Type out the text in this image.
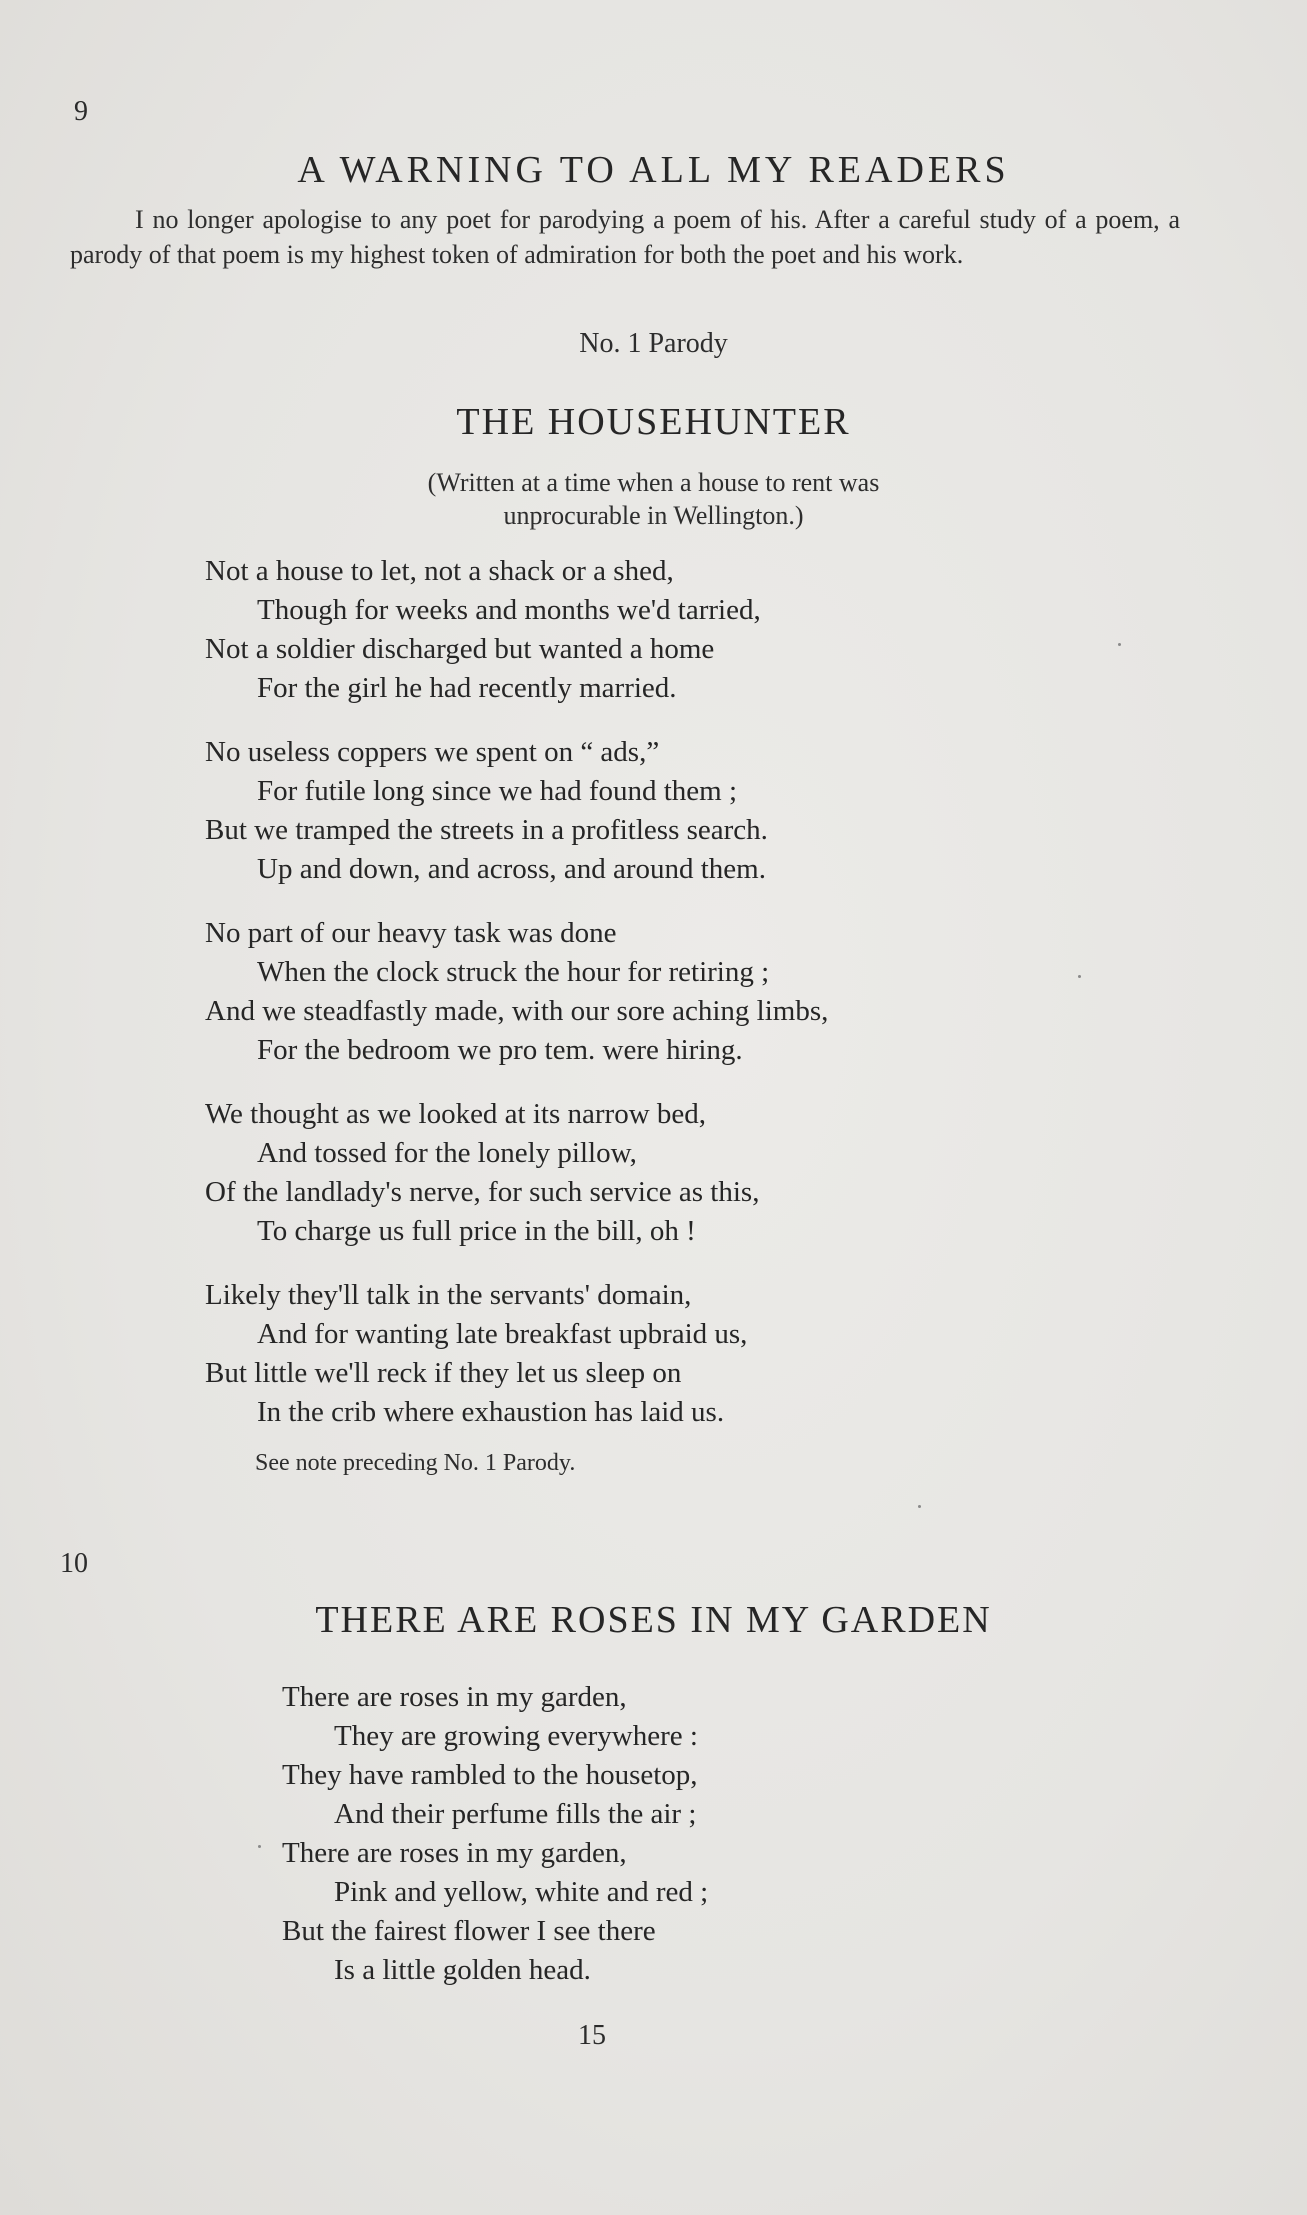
9
A WARNING TO ALL MY READERS
I no longer apologise to any poet for parodying a poem of his. After a careful study of a poem, a parody of that poem is my highest token of admiration for both the poet and his work.
No. 1 Parody
THE HOUSEHUNTER
(Written at a time when a house to rent was
unprocurable in Wellington.)
Not a house to let, not a shack or a shed,
Though for weeks and months we'd tarried,
Not a soldier discharged but wanted a home
For the girl he had recently married.
No useless coppers we spent on “ ads,”
For futile long since we had found them ;
But we tramped the streets in a profitless search.
Up and down, and across, and around them.
No part of our heavy task was done
When the clock struck the hour for retiring ;
And we steadfastly made, with our sore aching limbs,
For the bedroom we pro tem. were hiring.
We thought as we looked at its narrow bed,
And tossed for the lonely pillow,
Of the landlady's nerve, for such service as this,
To charge us full price in the bill, oh !
Likely they'll talk in the servants' domain,
And for wanting late breakfast upbraid us,
But little we'll reck if they let us sleep on
In the crib where exhaustion has laid us.
See note preceding No. 1 Parody.
10
THERE ARE ROSES IN MY GARDEN
There are roses in my garden,
They are growing everywhere :
They have rambled to the housetop,
And their perfume fills the air ;
There are roses in my garden,
Pink and yellow, white and red ;
But the fairest flower I see there
Is a little golden head.
15
